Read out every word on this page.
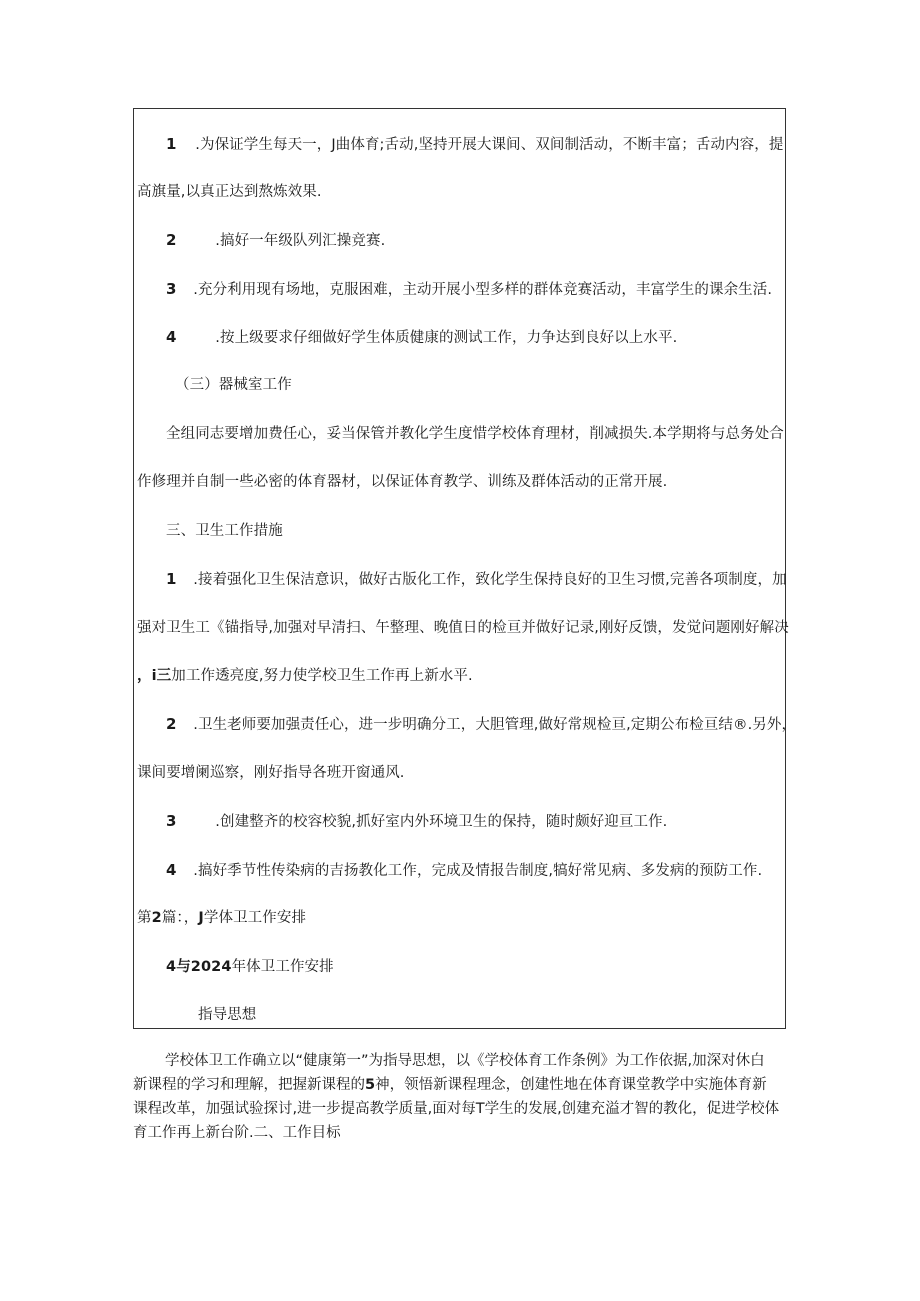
1 .为保证学生每天一，J曲体育;舌动,坚持开展大课间、双间制活动，不断丰富；舌动内容，提
高旗量,以真正达到熬炼效果.
2	.搞好一年级队列汇操竞赛.
3 .充分利用现有场地，克服困难，主动开展小型多样的群体竞赛活动，丰富学生的课余生活.
4	.按上级要求仔细做好学生体质健康的测试工作，力争达到良好以上水平.
（三）器械室工作
全组同志要增加费任心，妥当保管并教化学生度惜学校体育理材，削减损失.本学期将与总务处合
作修理并自制一些必密的体育器材，以保证体育教学、训练及群体活动的正常开展.
三、卫生工作措施
1 .接着强化卫生保洁意识，做好古版化工作，致化学生保持良好的卫生习惯,完善各项制度，加
强对卫生工《锚指导,加强对早清扫、午整理、晚值日的检亘并做好记录,刚好反馈，发觉问题刚好解决
，i三加工作透亮度,努力使学校卫生工作再上新水平.
2 .卫生老师要加强责任心，进一步明确分工，大胆管理,做好常规检亘,定期公布检亘结®.另外，
课间要增阑巡察，刚好指导各班开窗通风.
3	.创建整齐的校容校貌,抓好室内外环境卫生的保持，随时颇好迎亘工作.
4 .搞好季节性传染病的吉扬教化工作，完成及情报告制度,犒好常见病、多发病的预防工作.
第2篇：，J学体卫工作安排
4与2024年体卫工作安排
指导思想
学校体卫工作确立以“健康第一”为指导思想，以《学校体育工作条例》为工作依据,加深对休白
新课程的学习和理解，把握新课程的5神，领悟新课程理念，创建性地在体育课堂教学中实施体育新
课程改革，加强试验探讨,进一步提高教学质量,面对每T学生的发展,创建充溢才智的教化，促进学校体
育工作再上新台阶.二、工作目标
